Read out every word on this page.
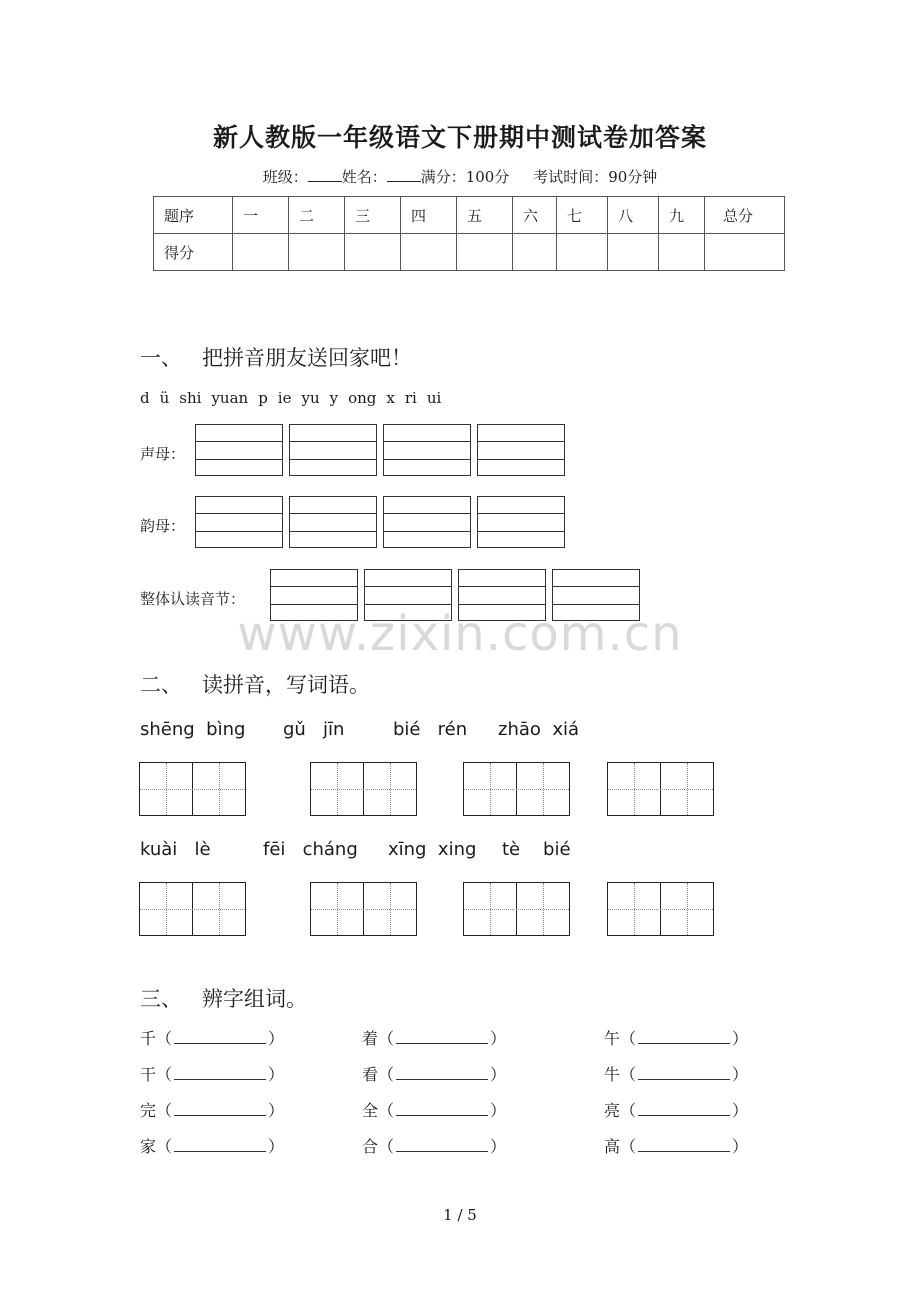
新人教版一年级语文下册期中测试卷加答案
班级： 姓名： 满分：100分 考试时间：90分钟
题序	一	二	三	四	五	六	七	八	九	总分
得分										
一、 把拼音朋友送回家吧！
d ü shi yuan p ie yu y ong x ri ui
声母：
韵母：
整体认读音节：
www.zixin.com.cn
二、 读拼音，写词语。
shēng  bìng gǔ   jīn	bié   rén zhāo  xiá
kuài   lè	fēi   cháng xīng  xing tè    bié
三、 辨字组词。
千（	）	着（	）	午（	）
干（	）	看（	）	牛（	）
完（	）	全（	）	亮（	）
家（	）	合（	）	高（	）
1 / 5
